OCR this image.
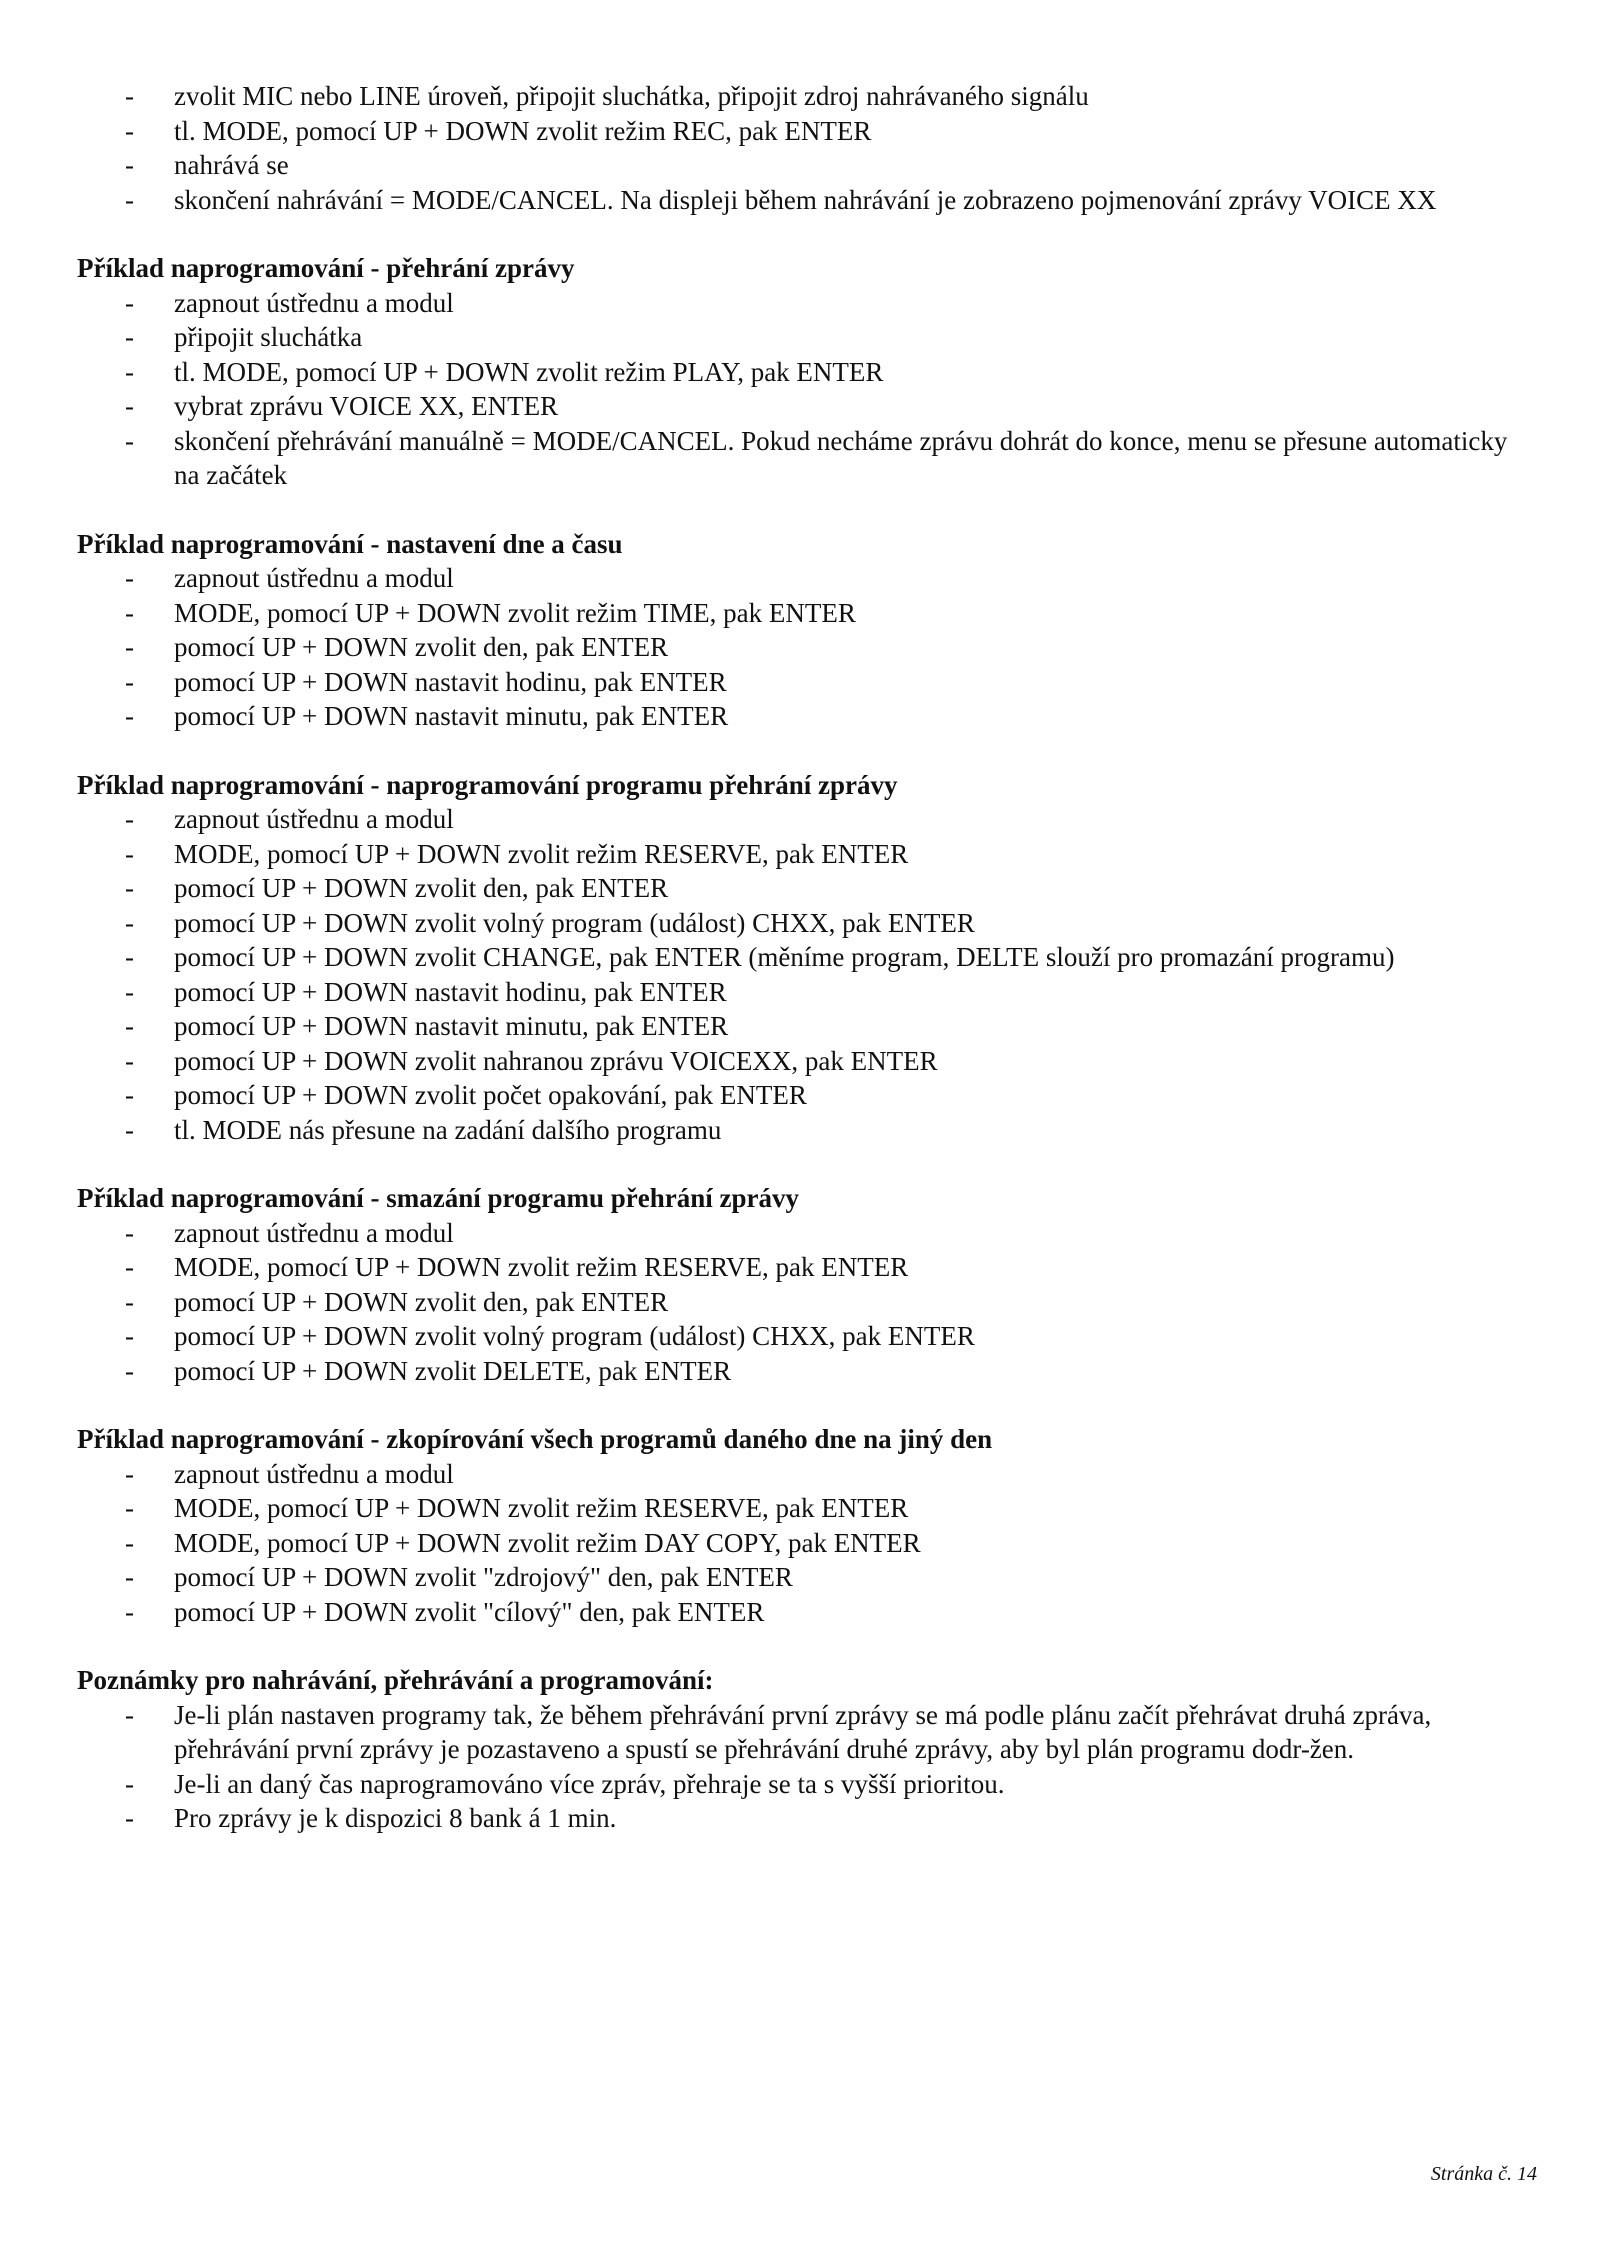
- zvolit MIC nebo LINE úroveň, připojit sluchátka, připojit zdroj nahrávaného signálu
- tl. MODE, pomocí UP + DOWN zvolit režim REC, pak ENTER
- nahrává se
- skončení nahrávání = MODE/CANCEL. Na displeji během nahrávání je zobrazeno pojmenování zprávy VOICE XX

Příklad naprogramování - přehrání zprávy

- zapnout ústřednu a modul
- připojit sluchátka
- tl. MODE, pomocí UP + DOWN zvolit režim PLAY, pak ENTER
- vybrat zprávu VOICE XX, ENTER
- skončení přehrávání manuálně = MODE/CANCEL. Pokud necháme zprávu dohrát do konce, menu se přesune automaticky na začátek

Příklad naprogramování - nastavení dne a času

- zapnout ústřednu a modul
- MODE, pomocí UP + DOWN zvolit režim TIME, pak ENTER
- pomocí UP + DOWN zvolit den, pak ENTER
- pomocí UP + DOWN nastavit hodinu, pak ENTER
- pomocí UP + DOWN nastavit minutu, pak ENTER

Příklad naprogramování - naprogramování programu přehrání zprávy

- zapnout ústřednu a modul
- MODE, pomocí UP + DOWN zvolit režim RESERVE, pak ENTER
- pomocí UP + DOWN zvolit den, pak ENTER
- pomocí UP + DOWN zvolit volný program (událost) CHXX, pak ENTER
- pomocí UP + DOWN zvolit CHANGE, pak ENTER (měníme program, DELTE slouží pro promazání programu)
- pomocí UP + DOWN nastavit hodinu, pak ENTER
- pomocí UP + DOWN nastavit minutu, pak ENTER
- pomocí UP + DOWN zvolit nahranou zprávu VOICEXX, pak ENTER
- pomocí UP + DOWN zvolit počet opakování, pak ENTER
- tl. MODE nás přesune na zadání dalšího programu

Příklad naprogramování - smazání programu přehrání zprávy

- zapnout ústřednu a modul
- MODE, pomocí UP + DOWN zvolit režim RESERVE, pak ENTER
- pomocí UP + DOWN zvolit den, pak ENTER
- pomocí UP + DOWN zvolit volný program (událost) CHXX, pak ENTER
- pomocí UP + DOWN zvolit DELETE, pak ENTER

Příklad naprogramování - zkopírování všech programů daného dne na jiný den

- zapnout ústřednu a modul
- MODE, pomocí UP + DOWN zvolit režim RESERVE, pak ENTER
- MODE, pomocí UP + DOWN zvolit režim DAY COPY, pak ENTER
- pomocí UP + DOWN zvolit "zdrojový" den, pak ENTER
- pomocí UP + DOWN zvolit "cílový" den, pak ENTER

Poznámky pro nahrávání, přehrávání a programování:

- Je-li plán nastaven programy tak, že během přehrávání první zprávy se má podle plánu začít přehrávat druhá zpráva, přehrávání první zprávy je pozastaveno a spustí se přehrávání druhé zprávy, aby byl plán programu dodr-žen.
- Je-li an daný čas naprogramováno více zpráv, přehraje se ta s vyšší prioritou.
- Pro zprávy je k dispozici 8 bank á 1 min.
Stránka č. 14
